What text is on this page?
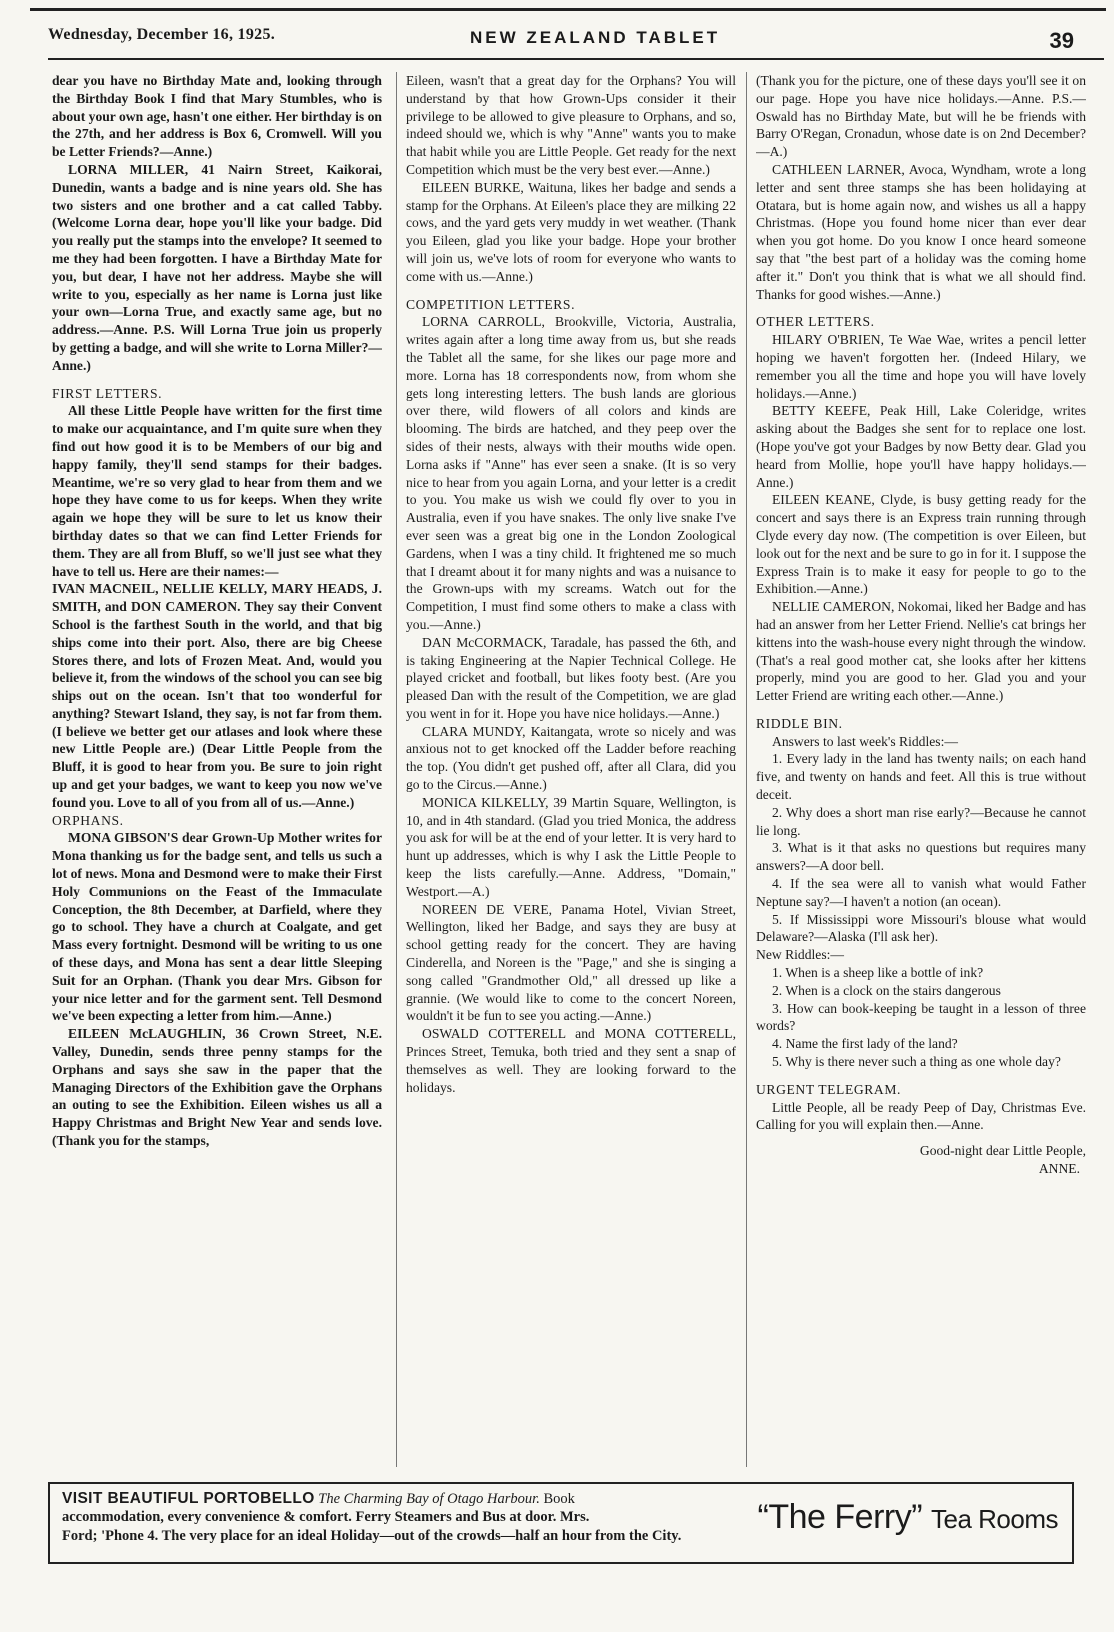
Wednesday, December 16, 1925.	NEW ZEALAND TABLET	39

dear you have no Birthday Mate and, looking through the Birthday Book I find that Mary Stumbles, who is about your own age, hasn't one either. Her birthday is on the 27th, and her address is Box 6, Cromwell. Will you be Letter Friends?—Anne.)

LORNA MILLER, 41 Nairn Street, Kaikorai, Dunedin, wants a badge and is nine years old. She has two sisters and one brother and a cat called Tabby. (Welcome Lorna dear, hope you'll like your badge. Did you really put the stamps into the envelope? It seemed to me they had been forgotten. I have a Birthday Mate for you, but dear, I have not her address. Maybe she will write to you, especially as her name is Lorna just like your own—Lorna True, and exactly same age, but no address.—Anne. P.S. Will Lorna True join us properly by getting a badge, and will she write to Lorna Miller?—Anne.)

FIRST LETTERS.

All these Little People have written for the first time to make our acquaintance, and I'm quite sure when they find out how good it is to be Members of our big and happy family, they'll send stamps for their badges. Meantime, we're so very glad to hear from them and we hope they have come to us for keeps. When they write again we hope they will be sure to let us know their birthday dates so that we can find Letter Friends for them. They are all from Bluff, so we'll just see what they have to tell us. Here are their names:—

IVAN MACNEIL, NELLIE KELLY, MARY HEADS, J. SMITH, and DON CAMERON. They say their Convent School is the farthest South in the world, and that big ships come into their port. Also, there are big Cheese Stores there, and lots of Frozen Meat. And, would you believe it, from the windows of the school you can see big ships out on the ocean. Isn't that too wonderful for anything? Stewart Island, they say, is not far from them. (I believe we better get our atlases and look where these new Little People are.) (Dear Little People from the Bluff, it is good to hear from you. Be sure to join right up and get your badges, we want to keep you now we've found you. Love to all of you from all of us.—Anne.)

ORPHANS.

MONA GIBSON'S dear Grown-Up Mother writes for Mona thanking us for the badge sent, and tells us such a lot of news. Mona and Desmond were to make their First Holy Communions on the Feast of the Immaculate Conception, the 8th December, at Darfield, where they go to school. They have a church at Coalgate, and get Mass every fortnight. Desmond will be writing to us one of these days, and Mona has sent a dear little Sleeping Suit for an Orphan. (Thank you dear Mrs. Gibson for your nice letter and for the garment sent. Tell Desmond we've been expecting a letter from him.—Anne.)

EILEEN McLAUGHLIN, 36 Crown Street, N.E. Valley, Dunedin, sends three penny stamps for the Orphans and says she saw in the paper that the Managing Directors of the Exhibition gave the Orphans an outing to see the Exhibition. Eileen wishes us all a Happy Christmas and Bright New Year and sends love. (Thank you for the stamps,

Eileen, wasn't that a great day for the Orphans? You will understand by that how Grown-Ups consider it their privilege to be allowed to give pleasure to Orphans, and so, indeed should we, which is why "Anne" wants you to make that habit while you are Little People. Get ready for the next Competition which must be the very best ever.—Anne.)

EILEEN BURKE, Waituna, likes her badge and sends a stamp for the Orphans. At Eileen's place they are milking 22 cows, and the yard gets very muddy in wet weather. (Thank you Eileen, glad you like your badge. Hope your brother will join us, we've lots of room for everyone who wants to come with us.—Anne.)

COMPETITION LETTERS.

LORNA CARROLL, Brookville, Victoria, Australia, writes again after a long time away from us, but she reads the Tablet all the same, for she likes our page more and more. Lorna has 18 correspondents now, from whom she gets long interesting letters. The bush lands are glorious over there, wild flowers of all colors and kinds are blooming. The birds are hatched, and they peep over the sides of their nests, always with their mouths wide open. Lorna asks if "Anne" has ever seen a snake. (It is so very nice to hear from you again Lorna, and your letter is a credit to you. You make us wish we could fly over to you in Australia, even if you have snakes. The only live snake I've ever seen was a great big one in the London Zoological Gardens, when I was a tiny child. It frightened me so much that I dreamt about it for many nights and was a nuisance to the Grown-ups with my screams. Watch out for the Competition, I must find some others to make a class with you.—Anne.)

DAN McCORMACK, Taradale, has passed the 6th, and is taking Engineering at the Napier Technical College. He played cricket and football, but likes footy best. (Are you pleased Dan with the result of the Competition, we are glad you went in for it. Hope you have nice holidays.—Anne.)

CLARA MUNDY, Kaitangata, wrote so nicely and was anxious not to get knocked off the Ladder before reaching the top. (You didn't get pushed off, after all Clara, did you go to the Circus.—Anne.)

MONICA KILKELLY, 39 Martin Square, Wellington, is 10, and in 4th standard. (Glad you tried Monica, the address you ask for will be at the end of your letter. It is very hard to hunt up addresses, which is why I ask the Little People to keep the lists carefully.—Anne. Address, "Domain," Westport.—A.)

NOREEN DE VERE, Panama Hotel, Vivian Street, Wellington, liked her Badge, and says they are busy at school getting ready for the concert. They are having Cinderella, and Noreen is the "Page," and she is singing a song called "Grandmother Old," all dressed up like a grannie. (We would like to come to the concert Noreen, wouldn't it be fun to see you acting.—Anne.)

OSWALD COTTERELL and MONA COTTERELL, Princes Street, Temuka, both tried and they sent a snap of themselves as well. They are looking forward to the holidays.

(Thank you for the picture, one of these days you'll see it on our page. Hope you have nice holidays.—Anne. P.S.—Oswald has no Birthday Mate, but will he be friends with Barry O'Regan, Cronadun, whose date is on 2nd December?—A.)

CATHLEEN LARNER, Avoca, Wyndham, wrote a long letter and sent three stamps she has been holidaying at Otatara, but is home again now, and wishes us all a happy Christmas. (Hope you found home nicer than ever dear when you got home. Do you know I once heard someone say that "the best part of a holiday was the coming home after it." Don't you think that is what we all should find. Thanks for good wishes.—Anne.)

OTHER LETTERS.

HILARY O'BRIEN, Te Wae Wae, writes a pencil letter hoping we haven't forgotten her. (Indeed Hilary, we remember you all the time and hope you will have lovely holidays.—Anne.)

BETTY KEEFE, Peak Hill, Lake Coleridge, writes asking about the Badges she sent for to replace one lost. (Hope you've got your Badges by now Betty dear. Glad you heard from Mollie, hope you'll have happy holidays.—Anne.)

EILEEN KEANE, Clyde, is busy getting ready for the concert and says there is an Express train running through Clyde every day now. (The competition is over Eileen, but look out for the next and be sure to go in for it. I suppose the Express Train is to make it easy for people to go to the Exhibition.—Anne.)

NELLIE CAMERON, Nokomai, liked her Badge and has had an answer from her Letter Friend. Nellie's cat brings her kittens into the wash-house every night through the window. (That's a real good mother cat, she looks after her kittens properly, mind you are good to her. Glad you and your Letter Friend are writing each other.—Anne.)

RIDDLE BIN.

Answers to last week's Riddles:—

1. Every lady in the land has twenty nails; on each hand five, and twenty on hands and feet. All this is true without deceit.

2. Why does a short man rise early?—Because he cannot lie long.

3. What is it that asks no questions but requires many answers?—A door bell.

4. If the sea were all to vanish what would Father Neptune say?—I haven't a notion (an ocean).

5. If Mississippi wore Missouri's blouse what would Delaware?—Alaska (I'll ask her).

New Riddles:—

1. When is a sheep like a bottle of ink?

2. When is a clock on the stairs dangerous

3. How can book-keeping be taught in a lesson of three words?

4. Name the first lady of the land?

5. Why is there never such a thing as one whole day?

URGENT TELEGRAM.

Little People, all be ready Peep of Day, Christmas Eve. Calling for you will explain then.—Anne.

Good-night dear Little People,

ANNE.

VISIT BEAUTIFUL PORTOBELLO The Charming Bay of Otago Harbour. Book
accommodation, every convenience & comfort. Ferry Steamers and Bus at door. Mrs.
Ford; 'Phone 4. The very place for an ideal Holiday—out of the crowds—half an hour from the City. “The Ferry” Tea Rooms
